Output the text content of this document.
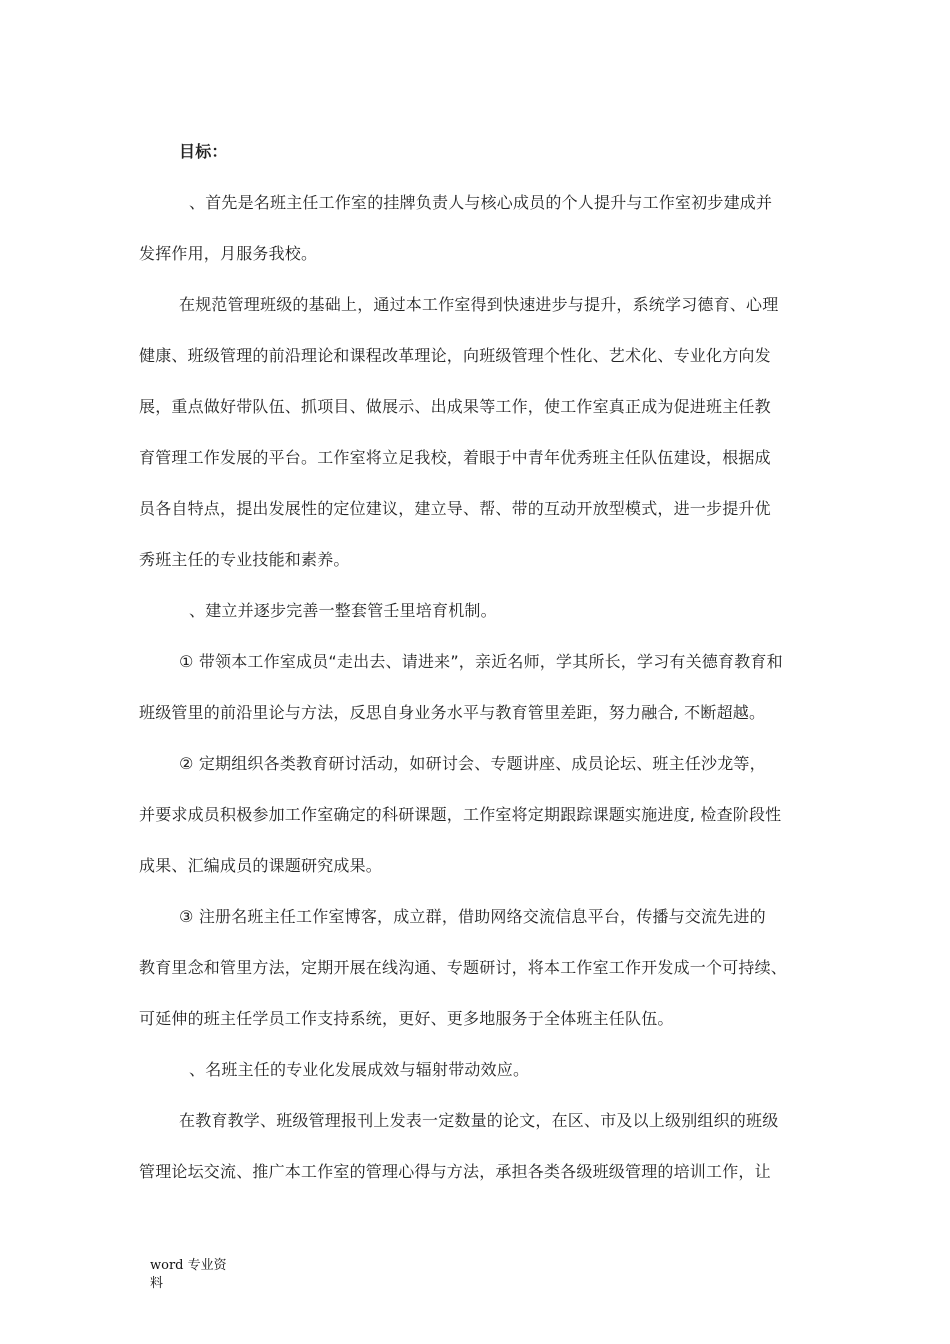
目标：
、首先是名班主任工作室的挂牌负责人与核心成员的个人提升与工作室初步建成并
发挥作用，月服务我校。
在规范管理班级的基础上，通过本工作室得到快速进步与提升，系统学习德育、心理
健康、班级管理的前沿理论和课程改革理论，向班级管理个性化、艺术化、专业化方向发
展，重点做好带队伍、抓项目、做展示、出成果等工作，使工作室真正成为促进班主任教
育管理工作发展的平台。工作室将立足我校，着眼于中青年优秀班主任队伍建设，根据成
员各自特点，提出发展性的定位建议，建立导、帮、带的互动开放型模式，进一步提升优
秀班主任的专业技能和素养。
、建立并逐步完善一整套管壬里培育机制。
① 带领本工作室成员“走出去、请进来”，亲近名师，学其所长，学习有关德育教育和
班级管里的前沿里论与方法，反思自身业务水平与教育管里差距，努力融合, 不断超越。
② 定期组织各类教育研讨活动，如研讨会、专题讲座、成员论坛、班主任沙龙等，
并要求成员积极参加工作室确定的科研课题，工作室将定期跟踪课题实施进度, 检查阶段性
成果、汇编成员的课题研究成果。
③ 注册名班主任工作室博客，成立群，借助网络交流信息平台，传播与交流先进的
教育里念和管里方法，定期开展在线沟通、专题研讨，将本工作室工作开发成一个可持续、
可延伸的班主任学员工作支持系统，更好、更多地服务于全体班主任队伍。
、名班主任的专业化发展成效与辐射带动效应。
在教育教学、班级管理报刊上发表一定数量的论文，在区、市及以上级别组织的班级
管理论坛交流、推广本工作室的管理心得与方法，承担各类各级班级管理的培训工作，让
word 专业资
料
